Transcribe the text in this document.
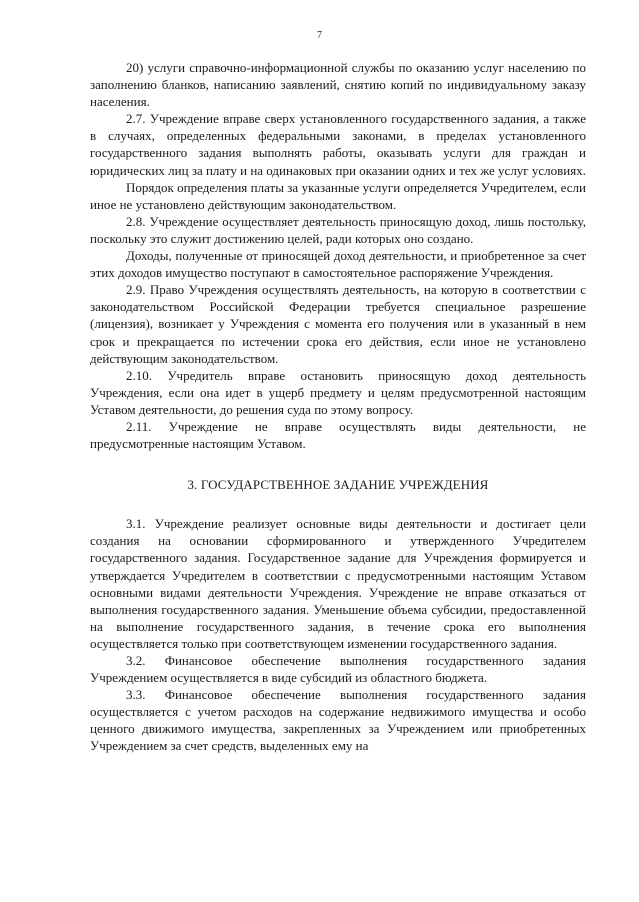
7

20) услуги справочно-информационной службы по оказанию услуг населению по заполнению бланков, написанию заявлений, снятию копий по индивидуальному заказу населения.

2.7. Учреждение вправе сверх установленного государственного задания, а также в случаях, определенных федеральными законами, в пределах установленного государственного задания выполнять работы, оказывать услуги для граждан и юридических лиц за плату и на одинаковых при оказании одних и тех же услуг условиях.

Порядок определения платы за указанные услуги определяется Учредителем, если иное не установлено действующим законодательством.

2.8. Учреждение осуществляет деятельность приносящую доход, лишь постольку, поскольку это служит достижению целей, ради которых оно создано.

Доходы, полученные от приносящей доход деятельности, и приобретенное за счет этих доходов имущество поступают в самостоятельное распоряжение Учреждения.

2.9. Право Учреждения осуществлять деятельность, на которую в соответствии с законодательством Российской Федерации требуется специальное разрешение (лицензия), возникает у Учреждения с момента его получения или в указанный в нем срок и прекращается по истечении срока его действия, если иное не установлено действующим законодательством.

2.10. Учредитель вправе остановить приносящую доход деятельность Учреждения, если она идет в ущерб предмету и целям предусмотренной настоящим Уставом деятельности, до решения суда по этому вопросу.

2.11. Учреждение не вправе осуществлять виды деятельности, не предусмотренные настоящим Уставом.

3. ГОСУДАРСТВЕННОЕ ЗАДАНИЕ УЧРЕЖДЕНИЯ

3.1. Учреждение реализует основные виды деятельности и достигает цели создания на основании сформированного и утвержденного Учредителем государственного задания. Государственное задание для Учреждения формируется и утверждается Учредителем в соответствии с предусмотренными настоящим Уставом основными видами деятельности Учреждения. Учреждение не вправе отказаться от выполнения государственного задания. Уменьшение объема субсидии, предоставленной на выполнение государственного задания, в течение срока его выполнения осуществляется только при соответствующем изменении государственного задания.

3.2. Финансовое обеспечение выполнения государственного задания Учреждением осуществляется в виде субсидий из областного бюджета.

3.3. Финансовое обеспечение выполнения государственного задания осуществляется с учетом расходов на содержание недвижимого имущества и особо ценного движимого имущества, закрепленных за Учреждением или приобретенных Учреждением за счет средств, выделенных ему на
